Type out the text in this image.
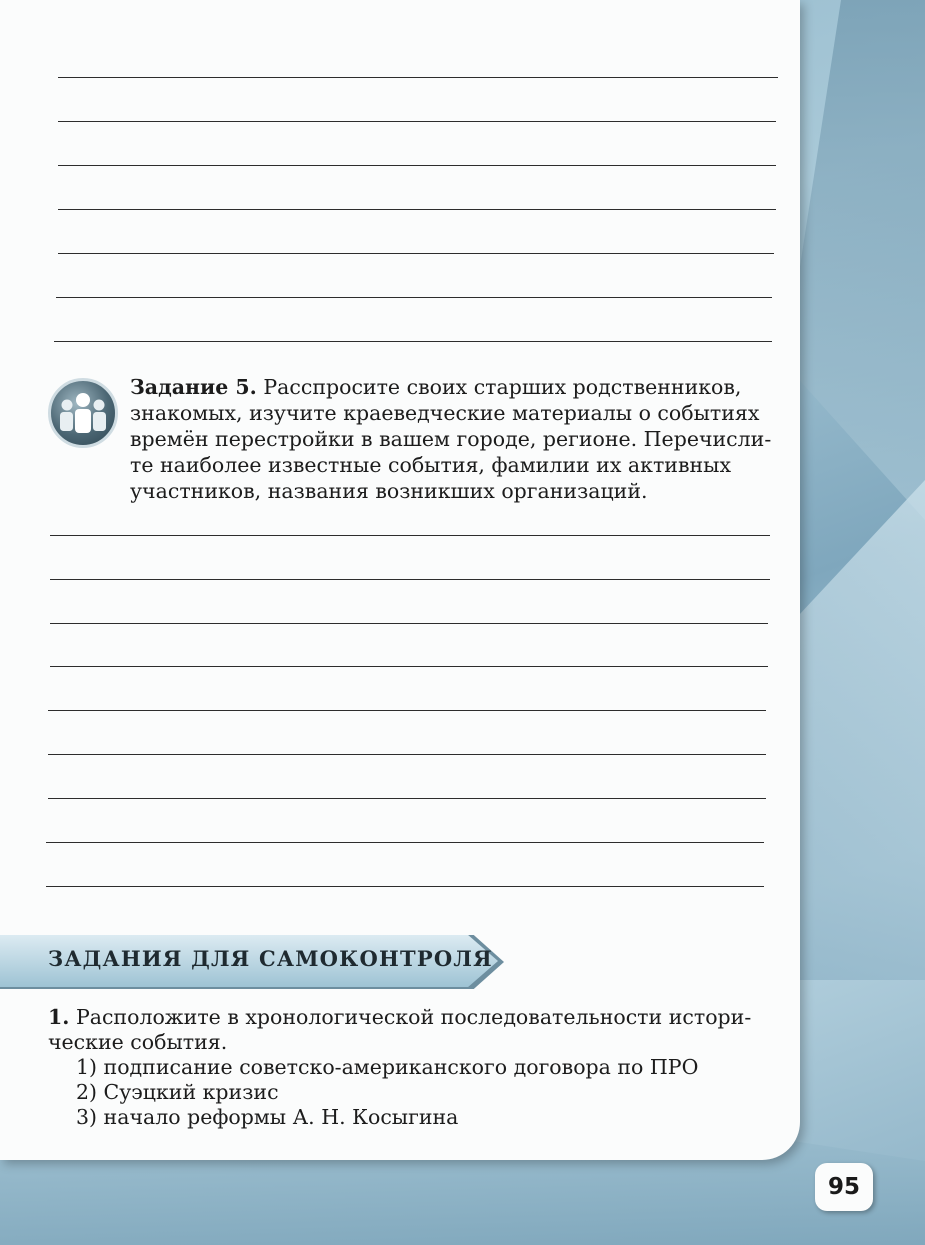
Задание 5. Расспросите своих старших родственников,
знакомых, изучите краеведческие материалы о событиях
времён перестройки в вашем городе, регионе. Перечисли-
те наиболее известные события, фамилии их активных
участников, названия возникших организаций.
ЗАДАНИЯ ДЛЯ САМОКОНТРОЛЯ
1. Расположите в хронологической последовательности истори-
ческие события.
1) подписание советско-американского договора по ПРО
2) Суэцкий кризис
3) начало реформы А. Н. Косыгина
95
